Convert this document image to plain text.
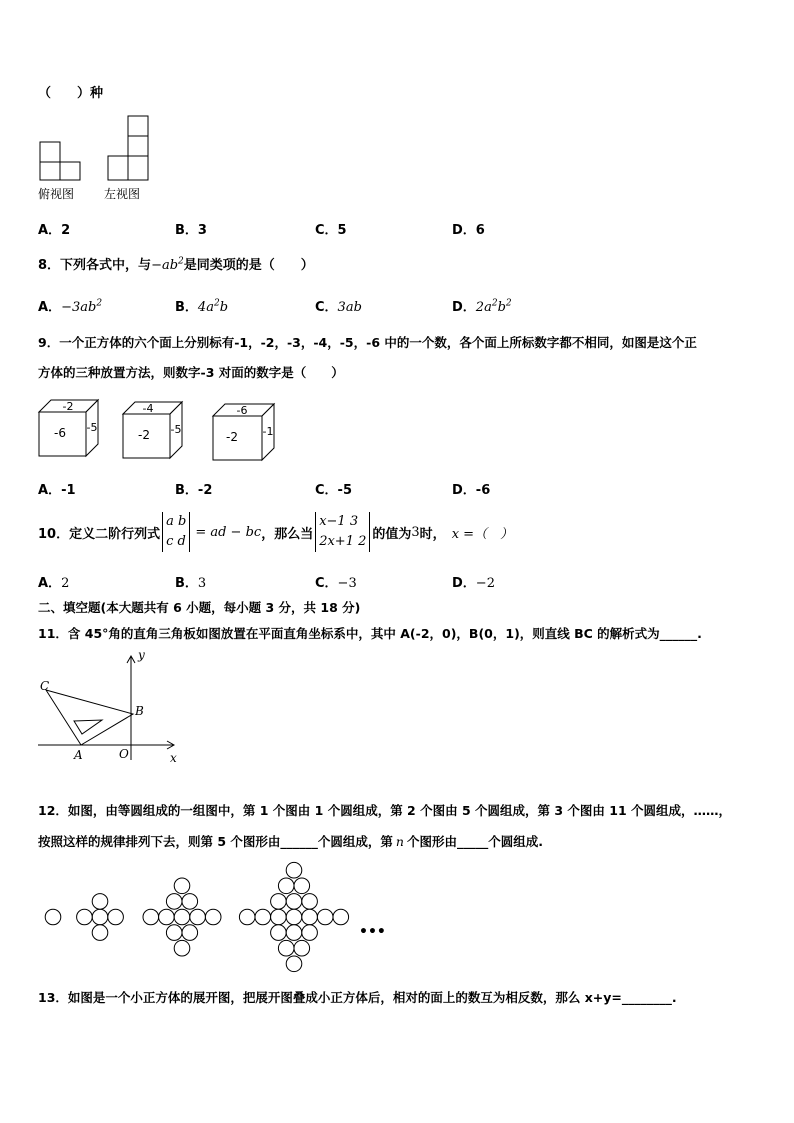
（　　）种
俯视图 左视图
A．2	B．3	C．5	D．6
8．下列各式中，与$-ab^2$是同类项的是（　　）
A．$-3ab^2$	B．$4a^2b$	C．3ab	D．$2a^2b^2$
9．一个正方体的六个面上分别标有-1，-2，-3，-4，-5，-6 中的一个数，各个面上所标数字都不相同，如图是这个正
方体的三种放置方法，则数字-3 对面的数字是（　　）
-2
-6 -5
-4
-2 -5
-6
-2 -1
A．-1	B．-2	C．-5	D．-6
10． 定义二阶行列式
a b
c d
= ad − bc ，那么当
x−1 3
2x+1 2 的值为 3 时， x =（　）
A．2	B．3	C．−3	D．−2
二、填空题(本大题共有 6 小题，每小题 3 分，共 18 分)
11．含 45°角的直角三角板如图放置在平面直角坐标系中，其中 A(-2，0)，B(0，1)，则直线 BC 的解析式为______.
C
B
A	O	x
y
12．如图，由等圆组成的一组图中，第 1 个图由 1 个圆组成，第 2 个图由 5 个圆组成，第 3 个图由 11 个圆组成，……，
按照这样的规律排列下去，则第 5 个图形由______个圆组成，第 n 个图形由_____个圆组成.
•••
13．如图是一个小正方体的展开图，把展开图叠成小正方体后，相对的面上的数互为相反数，那么 x+y=________.
